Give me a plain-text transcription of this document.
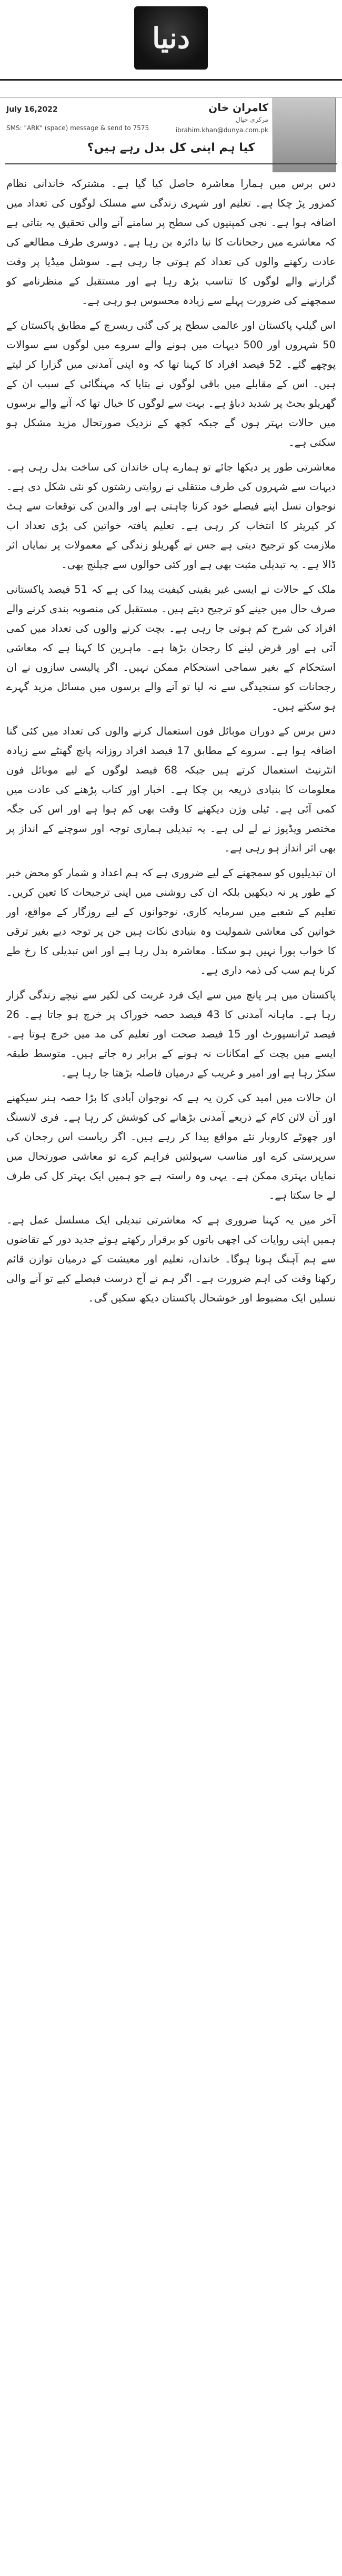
دنیا
کامران خان
مرکزی خیال
July 16,2022
SMS: "ARK" (space) message & send to 7575	ibrahim.khan@dunya.com.pk
کیا ہم اپنی کل بدل رہے ہیں؟

دس برس میں ہمارا معاشرہ حاصل کیا گیا ہے۔ مشترکہ خاندانی نظام کمزور پڑ چکا ہے۔ تعلیم اور شہری زندگی سے مسلک لوگوں کی تعداد میں اضافہ ہوا ہے۔ نجی کمپنیوں کی سطح پر سامنے آنے والی تحقیق یہ بتاتی ہے کہ معاشرے میں رجحانات کا نیا دائرہ بن رہا ہے۔ دوسری طرف مطالعے کی عادت رکھنے والوں کی تعداد کم ہوتی جا رہی ہے۔ سوشل میڈیا پر وقت گزارنے والے لوگوں کا تناسب بڑھ رہا ہے اور مستقبل کے منظرنامے کو سمجھنے کی ضرورت پہلے سے زیادہ محسوس ہو رہی ہے۔

اس گیلپ پاکستان اور عالمی سطح پر کی گئی ریسرچ کے مطابق پاکستان کے 50 شہروں اور 500 دیہات میں ہونے والے سروے میں لوگوں سے سوالات پوچھے گئے۔ 52 فیصد افراد کا کہنا تھا کہ وہ اپنی آمدنی میں گزارا کر لیتے ہیں۔ اس کے مقابلے میں باقی لوگوں نے بتایا کہ مہنگائی کے سبب ان کے گھریلو بجٹ پر شدید دباؤ ہے۔ بہت سے لوگوں کا خیال تھا کہ آنے والے برسوں میں حالات بہتر ہوں گے جبکہ کچھ کے نزدیک صورتحال مزید مشکل ہو سکتی ہے۔

معاشرتی طور پر دیکھا جائے تو ہمارے ہاں خاندان کی ساخت بدل رہی ہے۔ دیہات سے شہروں کی طرف منتقلی نے روایتی رشتوں کو نئی شکل دی ہے۔ نوجوان نسل اپنے فیصلے خود کرنا چاہتی ہے اور والدین کی توقعات سے ہٹ کر کیریئر کا انتخاب کر رہی ہے۔ تعلیم یافتہ خواتین کی بڑی تعداد اب ملازمت کو ترجیح دیتی ہے جس نے گھریلو زندگی کے معمولات پر نمایاں اثر ڈالا ہے۔ یہ تبدیلی مثبت بھی ہے اور کئی حوالوں سے چیلنج بھی۔

ملک کے حالات نے ایسی غیر یقینی کیفیت پیدا کی ہے کہ 51 فیصد پاکستانی صرف حال میں جینے کو ترجیح دیتے ہیں۔ مستقبل کی منصوبہ بندی کرنے والے افراد کی شرح کم ہوتی جا رہی ہے۔ بچت کرنے والوں کی تعداد میں کمی آئی ہے اور قرض لینے کا رجحان بڑھا ہے۔ ماہرین کا کہنا ہے کہ معاشی استحکام کے بغیر سماجی استحکام ممکن نہیں۔ اگر پالیسی سازوں نے ان رجحانات کو سنجیدگی سے نہ لیا تو آنے والے برسوں میں مسائل مزید گہرے ہو سکتے ہیں۔

دس برس کے دوران موبائل فون استعمال کرنے والوں کی تعداد میں کئی گنا اضافہ ہوا ہے۔ سروے کے مطابق 17 فیصد افراد روزانہ پانچ گھنٹے سے زیادہ انٹرنیٹ استعمال کرتے ہیں جبکہ 68 فیصد لوگوں کے لیے موبائل فون معلومات کا بنیادی ذریعہ بن چکا ہے۔ اخبار اور کتاب پڑھنے کی عادت میں کمی آئی ہے۔ ٹیلی وژن دیکھنے کا وقت بھی کم ہوا ہے اور اس کی جگہ مختصر ویڈیوز نے لے لی ہے۔ یہ تبدیلی ہماری توجہ اور سوچنے کے انداز پر بھی اثر انداز ہو رہی ہے۔

ان تبدیلیوں کو سمجھنے کے لیے ضروری ہے کہ ہم اعداد و شمار کو محض خبر کے طور پر نہ دیکھیں بلکہ ان کی روشنی میں اپنی ترجیحات کا تعین کریں۔ تعلیم کے شعبے میں سرمایہ کاری، نوجوانوں کے لیے روزگار کے مواقع، اور خواتین کی معاشی شمولیت وہ بنیادی نکات ہیں جن پر توجہ دیے بغیر ترقی کا خواب پورا نہیں ہو سکتا۔ معاشرہ بدل رہا ہے اور اس تبدیلی کا رخ طے کرنا ہم سب کی ذمہ داری ہے۔

پاکستان میں ہر پانچ میں سے ایک فرد غربت کی لکیر سے نیچے زندگی گزار رہا ہے۔ ماہانہ آمدنی کا 43 فیصد حصہ خوراک پر خرچ ہو جاتا ہے۔ 26 فیصد ٹرانسپورٹ اور 15 فیصد صحت اور تعلیم کی مد میں خرچ ہوتا ہے۔ ایسے میں بچت کے امکانات نہ ہونے کے برابر رہ جاتے ہیں۔ متوسط طبقہ سکڑ رہا ہے اور امیر و غریب کے درمیان فاصلہ بڑھتا جا رہا ہے۔

ان حالات میں امید کی کرن یہ ہے کہ نوجوان آبادی کا بڑا حصہ ہنر سیکھنے اور آن لائن کام کے ذریعے آمدنی بڑھانے کی کوشش کر رہا ہے۔ فری لانسنگ اور چھوٹے کاروبار نئے مواقع پیدا کر رہے ہیں۔ اگر ریاست اس رجحان کی سرپرستی کرے اور مناسب سہولتیں فراہم کرے تو معاشی صورتحال میں نمایاں بہتری ممکن ہے۔ یہی وہ راستہ ہے جو ہمیں ایک بہتر کل کی طرف لے جا سکتا ہے۔

آخر میں یہ کہنا ضروری ہے کہ معاشرتی تبدیلی ایک مسلسل عمل ہے۔ ہمیں اپنی روایات کی اچھی باتوں کو برقرار رکھتے ہوئے جدید دور کے تقاضوں سے ہم آہنگ ہونا ہوگا۔ خاندان، تعلیم اور معیشت کے درمیان توازن قائم رکھنا وقت کی اہم ضرورت ہے۔ اگر ہم نے آج درست فیصلے کیے تو آنے والی نسلیں ایک مضبوط اور خوشحال پاکستان دیکھ سکیں گی۔
